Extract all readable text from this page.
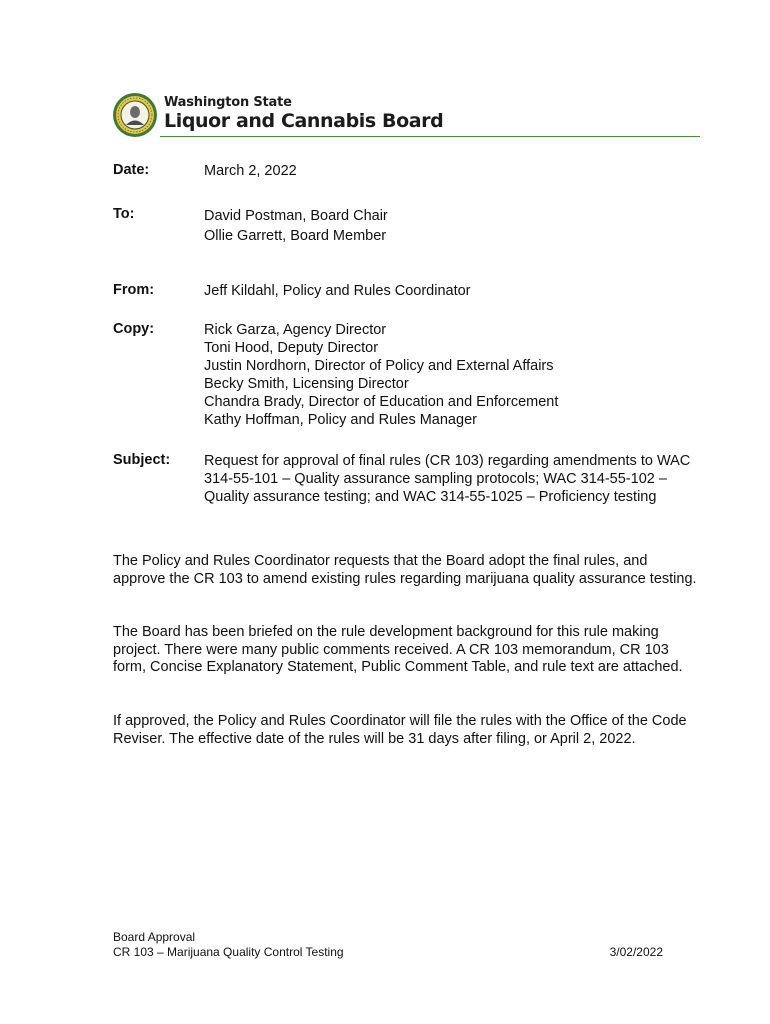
Washington State
Liquor and Cannabis Board
Date:	March 2, 2022
To:	David Postman, Board Chair
Ollie Garrett, Board Member
From:	Jeff Kildahl, Policy and Rules Coordinator
Copy:	Rick Garza, Agency Director
Toni Hood, Deputy Director
Justin Nordhorn, Director of Policy and External Affairs
Becky Smith, Licensing Director
Chandra Brady, Director of Education and Enforcement
Kathy Hoffman, Policy and Rules Manager
Subject: Request for approval of final rules (CR 103) regarding amendments to WAC 314-55-101 – Quality assurance sampling protocols; WAC 314-55-102 – Quality assurance testing; and WAC 314-55-1025 – Proficiency testing
The Policy and Rules Coordinator requests that the Board adopt the final rules, and approve the CR 103 to amend existing rules regarding marijuana quality assurance testing.
The Board has been briefed on the rule development background for this rule making project. There were many public comments received. A CR 103 memorandum, CR 103 form, Concise Explanatory Statement, Public Comment Table, and rule text are attached.
If approved, the Policy and Rules Coordinator will file the rules with the Office of the Code Reviser. The effective date of the rules will be 31 days after filing, or April 2, 2022.
Board Approval
CR 103 – Marijuana Quality Control Testing	3/02/2022
